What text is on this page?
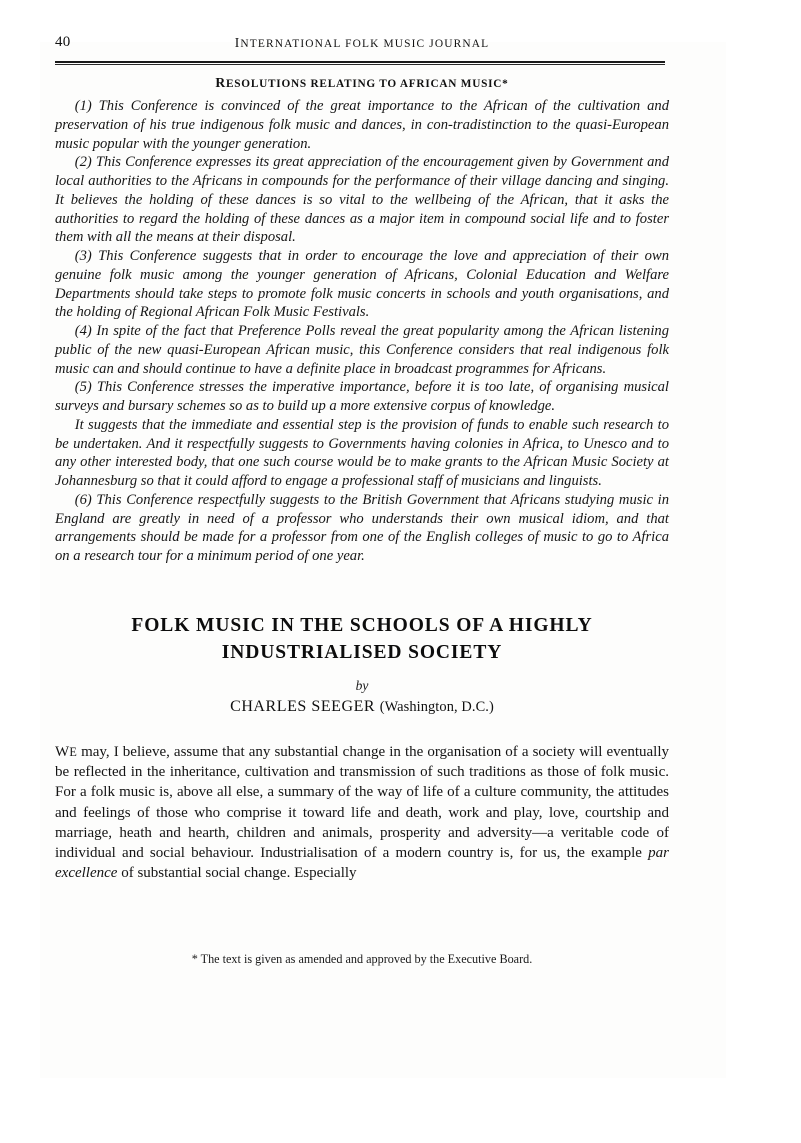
40	INTERNATIONAL FOLK MUSIC JOURNAL
RESOLUTIONS RELATING TO AFRICAN MUSIC*

(1) This Conference is convinced of the great importance to the African of the cultivation and preservation of his true indigenous folk music and dances, in con-tradistinction to the quasi-European music popular with the younger generation.

(2) This Conference expresses its great appreciation of the encouragement given by Government and local authorities to the Africans in compounds for the performance of their village dancing and singing. It believes the holding of these dances is so vital to the wellbeing of the African, that it asks the authorities to regard the holding of these dances as a major item in compound social life and to foster them with all the means at their disposal.

(3) This Conference suggests that in order to encourage the love and appreciation of their own genuine folk music among the younger generation of Africans, Colonial Education and Welfare Departments should take steps to promote folk music concerts in schools and youth organisations, and the holding of Regional African Folk Music Festivals.

(4) In spite of the fact that Preference Polls reveal the great popularity among the African listening public of the new quasi-European African music, this Conference considers that real indigenous folk music can and should continue to have a definite place in broadcast programmes for Africans.

(5) This Conference stresses the imperative importance, before it is too late, of organising musical surveys and bursary schemes so as to build up a more extensive corpus of knowledge.

It suggests that the immediate and essential step is the provision of funds to enable such research to be undertaken. And it respectfully suggests to Governments having colonies in Africa, to Unesco and to any other interested body, that one such course would be to make grants to the African Music Society at Johannesburg so that it could afford to engage a professional staff of musicians and linguists.

(6) This Conference respectfully suggests to the British Government that Africans studying music in England are greatly in need of a professor who understands their own musical idiom, and that arrangements should be made for a professor from one of the English colleges of music to go to Africa on a research tour for a minimum period of one year.

FOLK MUSIC IN THE SCHOOLS OF A HIGHLY
INDUSTRIALISED SOCIETY
by
CHARLES SEEGER (Washington, D.C.)

WE may, I believe, assume that any substantial change in the organisation of a society will eventually be reflected in the inheritance, cultivation and transmission of such traditions as those of folk music. For a folk music is, above all else, a summary of the way of life of a culture community, the attitudes and feelings of those who comprise it toward life and death, work and play, love, courtship and marriage, heath and hearth, children and animals, prosperity and adversity—a veritable code of individual and social behaviour. Industrialisation of a modern country is, for us, the example par excellence of substantial social change. Especially

* The text is given as amended and approved by the Executive Board.
